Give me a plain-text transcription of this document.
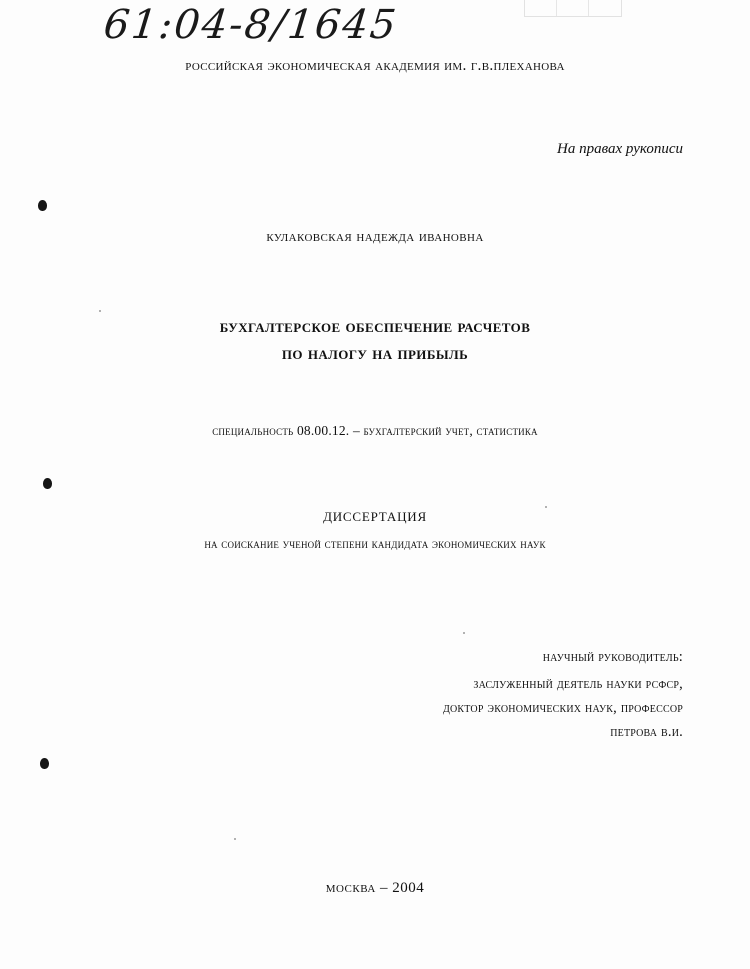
61:04-8/1645
российская экономическая академия им. г.в.плеханова
На правах рукописи
кулаковская надежда ивановна
бухгалтерское обеспечение расчетов
по налогу на прибыль
специальность 08.00.12. – бухгалтерский учет, статистика
диссертация
на соискание ученой степени кандидата экономических наук
научный руководитель:
заслуженный деятель науки рсфср,
доктор экономических наук, профессор
петрова в.и.
москва – 2004
